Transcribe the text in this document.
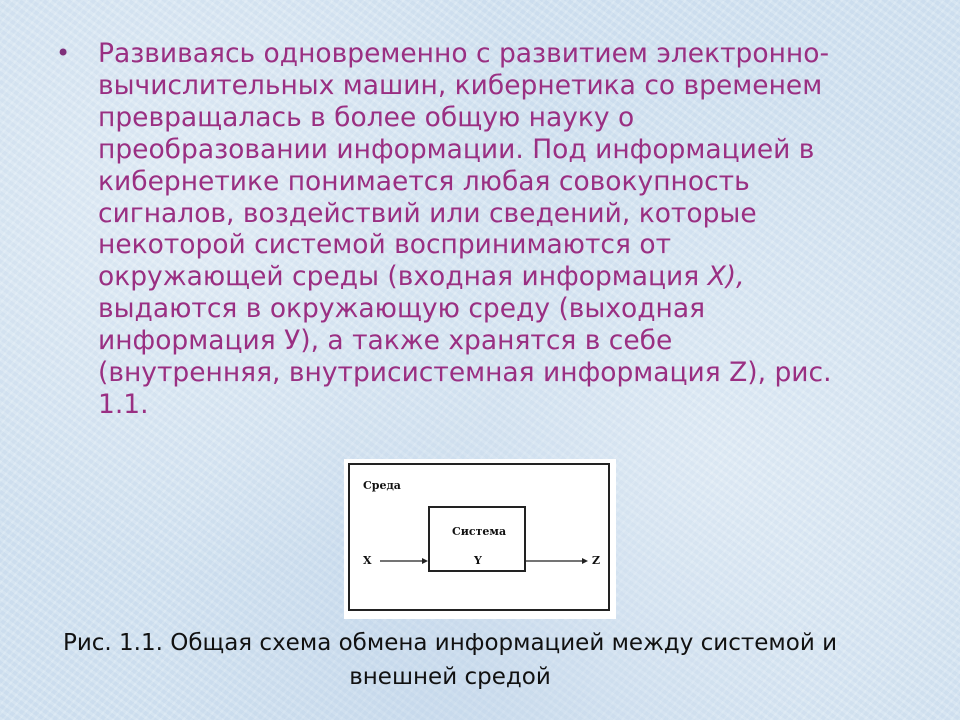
• Развиваясь одновременно с развитием электронно-
вычислительных машин, кибернетика со временем
превращалась в более общую науку о
преобразовании информации. Под информацией в
кибернетике понимается любая совокупность
сигналов, воздействий или сведений, которые
некоторой системой воспринимаются от
окружающей среды (входная информация X),
выдаются в окружающую среду (выходная
информация У), а также хранятся в себе
(внутренняя, внутрисистемная информация Z), рис.
1.1.
Среда
Система
X	Y	Z
Рис. 1.1. Общая схема обмена информацией между системой и
внешней средой
